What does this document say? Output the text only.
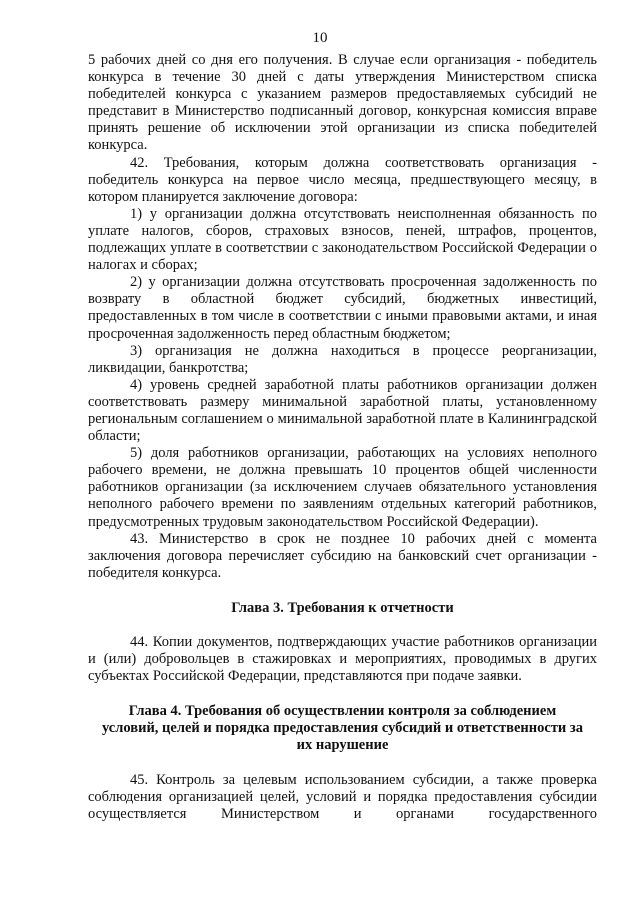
10

5 рабочих дней со дня его получения. В случае если организация - победитель конкурса в течение 30 дней с даты утверждения Министерством списка победителей конкурса с указанием размеров предоставляемых субсидий не представит в Министерство подписанный договор, конкурсная комиссия вправе принять решение об исключении этой организации из списка победителей конкурса.

42. Требования, которым должна соответствовать организация - победитель конкурса на первое число месяца, предшествующего месяцу, в котором планируется заключение договора:

1) у организации должна отсутствовать неисполненная обязанность по уплате налогов, сборов, страховых взносов, пеней, штрафов, процентов, подлежащих уплате в соответствии с законодательством Российской Федерации о налогах и сборах;

2) у организации должна отсутствовать просроченная задолженность по возврату в областной бюджет субсидий, бюджетных инвестиций, предоставленных в том числе в соответствии с иными правовыми актами, и иная просроченная задолженность перед областным бюджетом;

3) организация не должна находиться в процессе реорганизации, ликвидации, банкротства;

4) уровень средней заработной платы работников организации должен соответствовать размеру минимальной заработной платы, установленному региональным соглашением о минимальной заработной плате в Калининградской области;

5) доля работников организации, работающих на условиях неполного рабочего времени, не должна превышать 10 процентов общей численности работников организации (за исключением случаев обязательного установления неполного рабочего времени по заявлениям отдельных категорий работников, предусмотренных трудовым законодательством Российской Федерации).

43. Министерство в срок не позднее 10 рабочих дней с момента заключения договора перечисляет субсидию на банковский счет организации - победителя конкурса.

Глава 3. Требования к отчетности

44. Копии документов, подтверждающих участие работников организации и (или) добровольцев в стажировках и мероприятиях, проводимых в других субъектах Российской Федерации, представляются при подаче заявки.

Глава 4. Требования об осуществлении контроля за соблюдением

условий, целей и порядка предоставления субсидий и ответственности за

их нарушение

45. Контроль за целевым использованием субсидии, а также проверка соблюдения организацией целей, условий и порядка предоставления субсидии осуществляется Министерством и органами государственного
